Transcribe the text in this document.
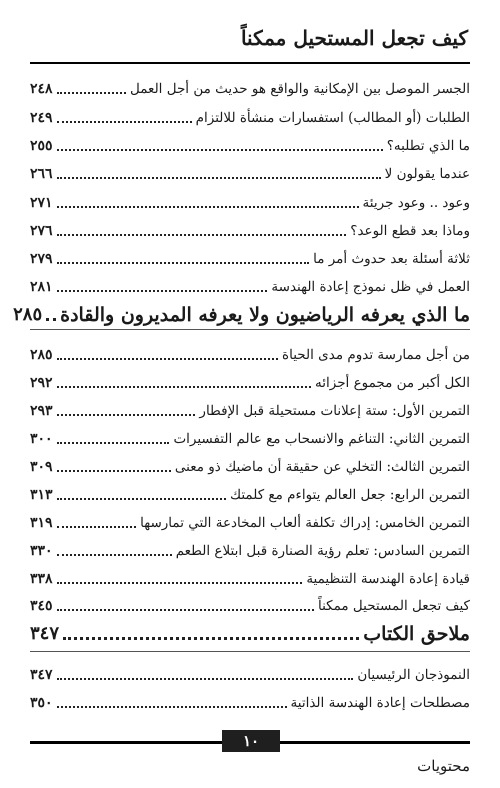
كيف تجعل المستحيل ممكناً
الجسر الموصل بين الإمكانية والواقع هو حديث من أجل العمل
٢٤٨
الطلبات (أو المطالب) استفسارات منشأة للالتزام
٢٤٩
ما الذي تطلبه؟
٢٥٥
عندما يقولون لا
٢٦٦
وعود .. وعود جريئة
٢٧١
وماذا بعد قطع الوعد؟
٢٧٦
ثلاثة أسئلة بعد حدوث أمر ما
٢٧٩
العمل في ظل نموذج إعادة الهندسة
٢٨١
ما الذي يعرفه الرياضيون ولا يعرفه المديرون والقادة
٢٨٥
من أجل ممارسة تدوم مدى الحياة
٢٨٥
الكل أكبر من مجموع أجزائه
٢٩٢
التمرين الأول: ستة إعلانات مستحيلة قبل الإفطار
٢٩٣
التمرين الثاني: التناغم والانسحاب مع عالم التفسيرات
٣٠٠
التمرين الثالث: التخلي عن حقيقة أن ماضيك ذو معنى
٣٠٩
التمرين الرابع: جعل العالم يتواءم مع كلمتك
٣١٣
التمرين الخامس: إدراك تكلفة ألعاب المخادعة التي تمارسها
٣١٩
التمرين السادس: تعلم رؤية الصنارة قبل ابتلاع الطعم
٣٣٠
قيادة إعادة الهندسة التنظيمية
٣٣٨
كيف تجعل المستحيل ممكناً
٣٤٥
ملاحق الكتاب
٣٤٧
النموذجان الرئيسيان
٣٤٧
مصطلحات إعادة الهندسة الذاتية
٣٥٠
١٠
محتويات
